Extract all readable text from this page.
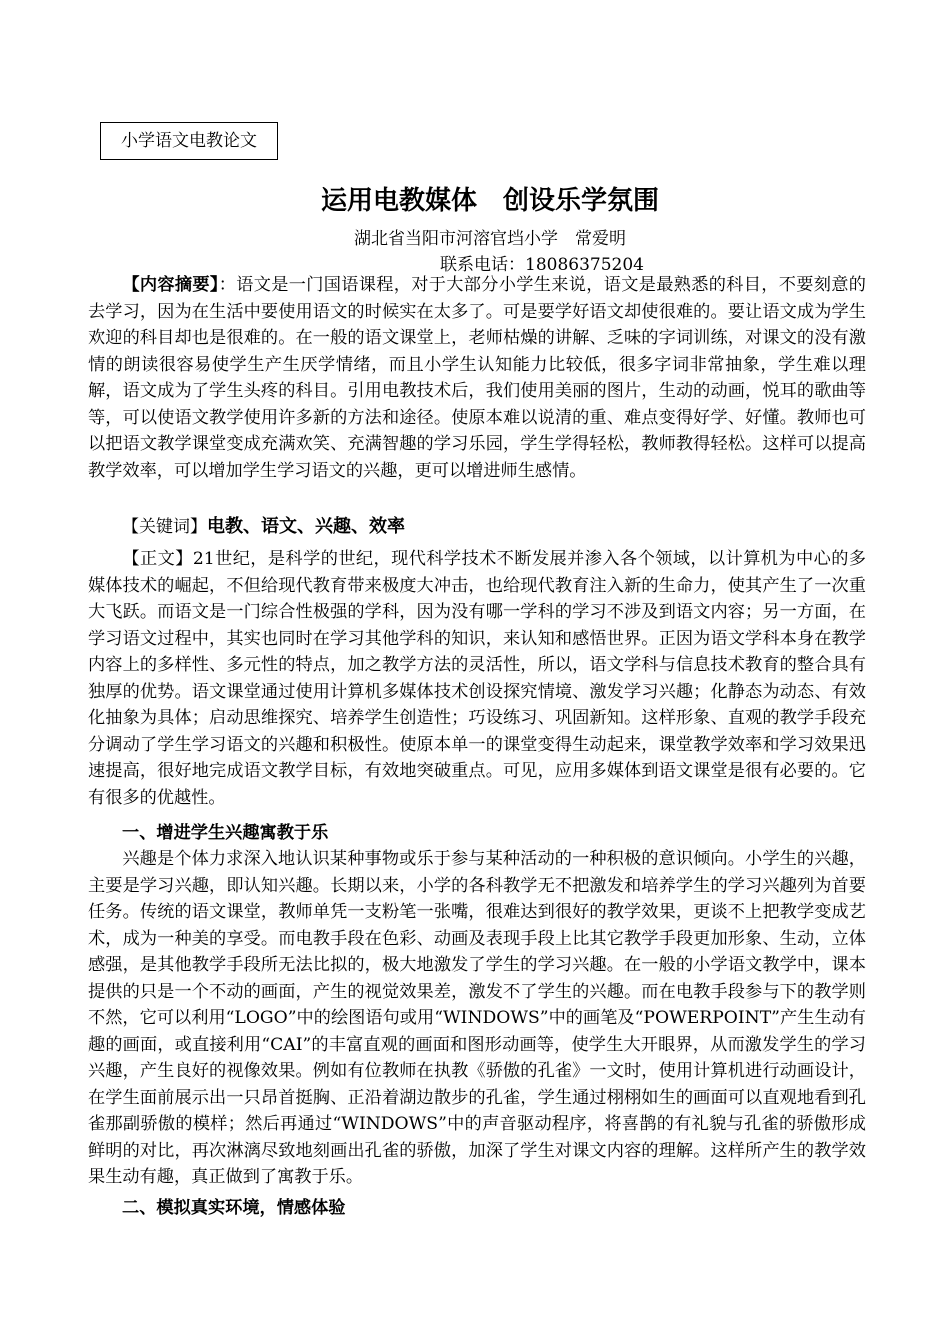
小学语文电教论文
运用电教媒体　创设乐学氛围
湖北省当阳市河溶官垱小学　常爱明
联系电话：18086375204

【内容摘要】：语文是一门国语课程，对于大部分小学生来说，语文是最熟悉的科目，不要刻意的去学习，因为在生活中要使用语文的时候实在太多了。可是要学好语文却使很难的。要让语文成为学生欢迎的科目却也是很难的。在一般的语文课堂上，老师枯燥的讲解、乏味的字词训练，对课文的没有激情的朗读很容易使学生产生厌学情绪，而且小学生认知能力比较低，很多字词非常抽象，学生难以理解，语文成为了学生头疼的科目。引用电教技术后，我们使用美丽的图片，生动的动画，悦耳的歌曲等等，可以使语文教学使用许多新的方法和途径。使原本难以说清的重、难点变得好学、好懂。教师也可以把语文教学课堂变成充满欢笑、充满智趣的学习乐园，学生学得轻松，教师教得轻松。这样可以提高教学效率，可以增加学生学习语文的兴趣，更可以增进师生感情。

【关键词】电教、语文、兴趣、效率

【正文】21世纪，是科学的世纪，现代科学技术不断发展并渗入各个领域，以计算机为中心的多媒体技术的崛起，不但给现代教育带来极度大冲击，也给现代教育注入新的生命力，使其产生了一次重大飞跃。而语文是一门综合性极强的学科，因为没有哪一学科的学习不涉及到语文内容；另一方面，在学习语文过程中，其实也同时在学习其他学科的知识，来认知和感悟世界。正因为语文学科本身在教学内容上的多样性、多元性的特点，加之教学方法的灵活性，所以，语文学科与信息技术教育的整合具有独厚的优势。语文课堂通过使用计算机多媒体技术创设探究情境、激发学习兴趣；化静态为动态、有效化抽象为具体；启动思维探究、培养学生创造性；巧设练习、巩固新知。这样形象、直观的教学手段充分调动了学生学习语文的兴趣和积极性。使原本单一的课堂变得生动起来，课堂教学效率和学习效果迅速提高，很好地完成语文教学目标，有效地突破重点。可见，应用多媒体到语文课堂是很有必要的。它有很多的优越性。

一、增进学生兴趣寓教于乐

兴趣是个体力求深入地认识某种事物或乐于参与某种活动的一种积极的意识倾向。小学生的兴趣，主要是学习兴趣，即认知兴趣。长期以来，小学的各科教学无不把激发和培养学生的学习兴趣列为首要任务。传统的语文课堂，教师单凭一支粉笔一张嘴，很难达到很好的教学效果，更谈不上把教学变成艺术，成为一种美的享受。而电教手段在色彩、动画及表现手段上比其它教学手段更加形象、生动，立体感强，是其他教学手段所无法比拟的，极大地激发了学生的学习兴趣。在一般的小学语文教学中，课本提供的只是一个不动的画面，产生的视觉效果差，激发不了学生的兴趣。而在电教手段参与下的教学则不然，它可以利用“LOGO”中的绘图语句或用“WINDOWS”中的画笔及“POWERPOINT”产生生动有趣的画面，或直接利用“CAI”的丰富直观的画面和图形动画等，使学生大开眼界，从而激发学生的学习兴趣，产生良好的视像效果。例如有位教师在执教《骄傲的孔雀》一文时，使用计算机进行动画设计，在学生面前展示出一只昂首挺胸、正沿着湖边散步的孔雀，学生通过栩栩如生的画面可以直观地看到孔雀那副骄傲的模样；然后再通过“WINDOWS”中的声音驱动程序，将喜鹊的有礼貌与孔雀的骄傲形成鲜明的对比，再次淋漓尽致地刻画出孔雀的骄傲，加深了学生对课文内容的理解。这样所产生的教学效果生动有趣，真正做到了寓教于乐。

二、模拟真实环境，情感体验
